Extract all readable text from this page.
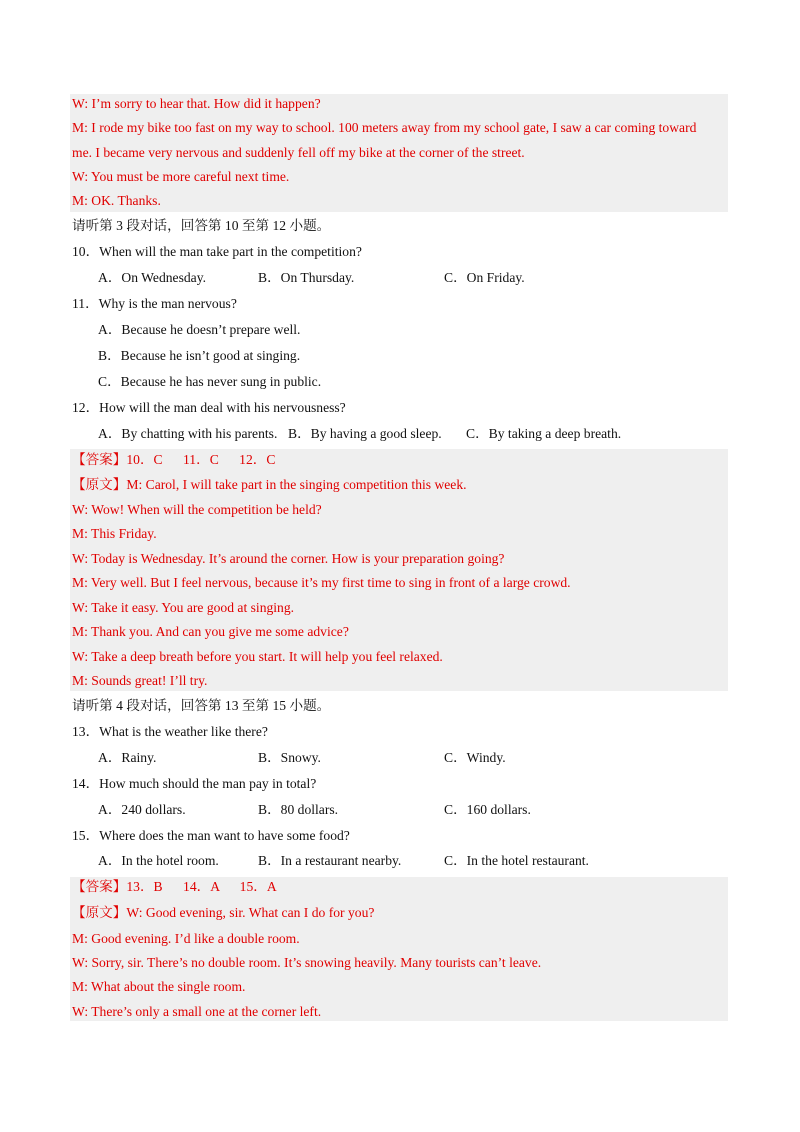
W: I’m sorry to hear that. How did it happen?
M: I rode my bike too fast on my way to school. 100 meters away from my school gate, I saw a car coming toward
me. I became very nervous and suddenly fell off my bike at the corner of the street.
W: You must be more careful next time.
M: OK. Thanks.
请听第 3 段对话，回答第 10 至第 12 小题。
10．When will the man take part in the competition?
A．On Wednesday.	B．On Thursday.	C．On Friday.
11．Why is the man nervous?
A．Because he doesn’t prepare well.
B．Because he isn’t good at singing.
C．Because he has never sung in public.
12．How will the man deal with his nervousness?
A．By chatting with his parents. B．By having a good sleep. C．By taking a deep breath.
【答案】10．C      11．C      12．C
【原文】M: Carol, I will take part in the singing competition this week.
W: Wow! When will the competition be held?
M: This Friday.
W: Today is Wednesday. It’s around the corner. How is your preparation going?
M: Very well. But I feel nervous, because it’s my first time to sing in front of a large crowd.
W: Take it easy. You are good at singing.
M: Thank you. And can you give me some advice?
W: Take a deep breath before you start. It will help you feel relaxed.
M: Sounds great! I’ll try.
请听第 4 段对话，回答第 13 至第 15 小题。
13．What is the weather like there?
A．Rainy.	B．Snowy.	C．Windy.
14．How much should the man pay in total?
A．240 dollars.	B．80 dollars.	C．160 dollars.
15．Where does the man want to have some food?
A．In the hotel room.	B．In a restaurant nearby.	C．In the hotel restaurant.
【答案】13．B      14．A      15．A
【原文】W: Good evening, sir. What can I do for you?
M: Good evening. I’d like a double room.
W: Sorry, sir. There’s no double room. It’s snowing heavily. Many tourists can’t leave.
M: What about the single room.
W: There’s only a small one at the corner left.
